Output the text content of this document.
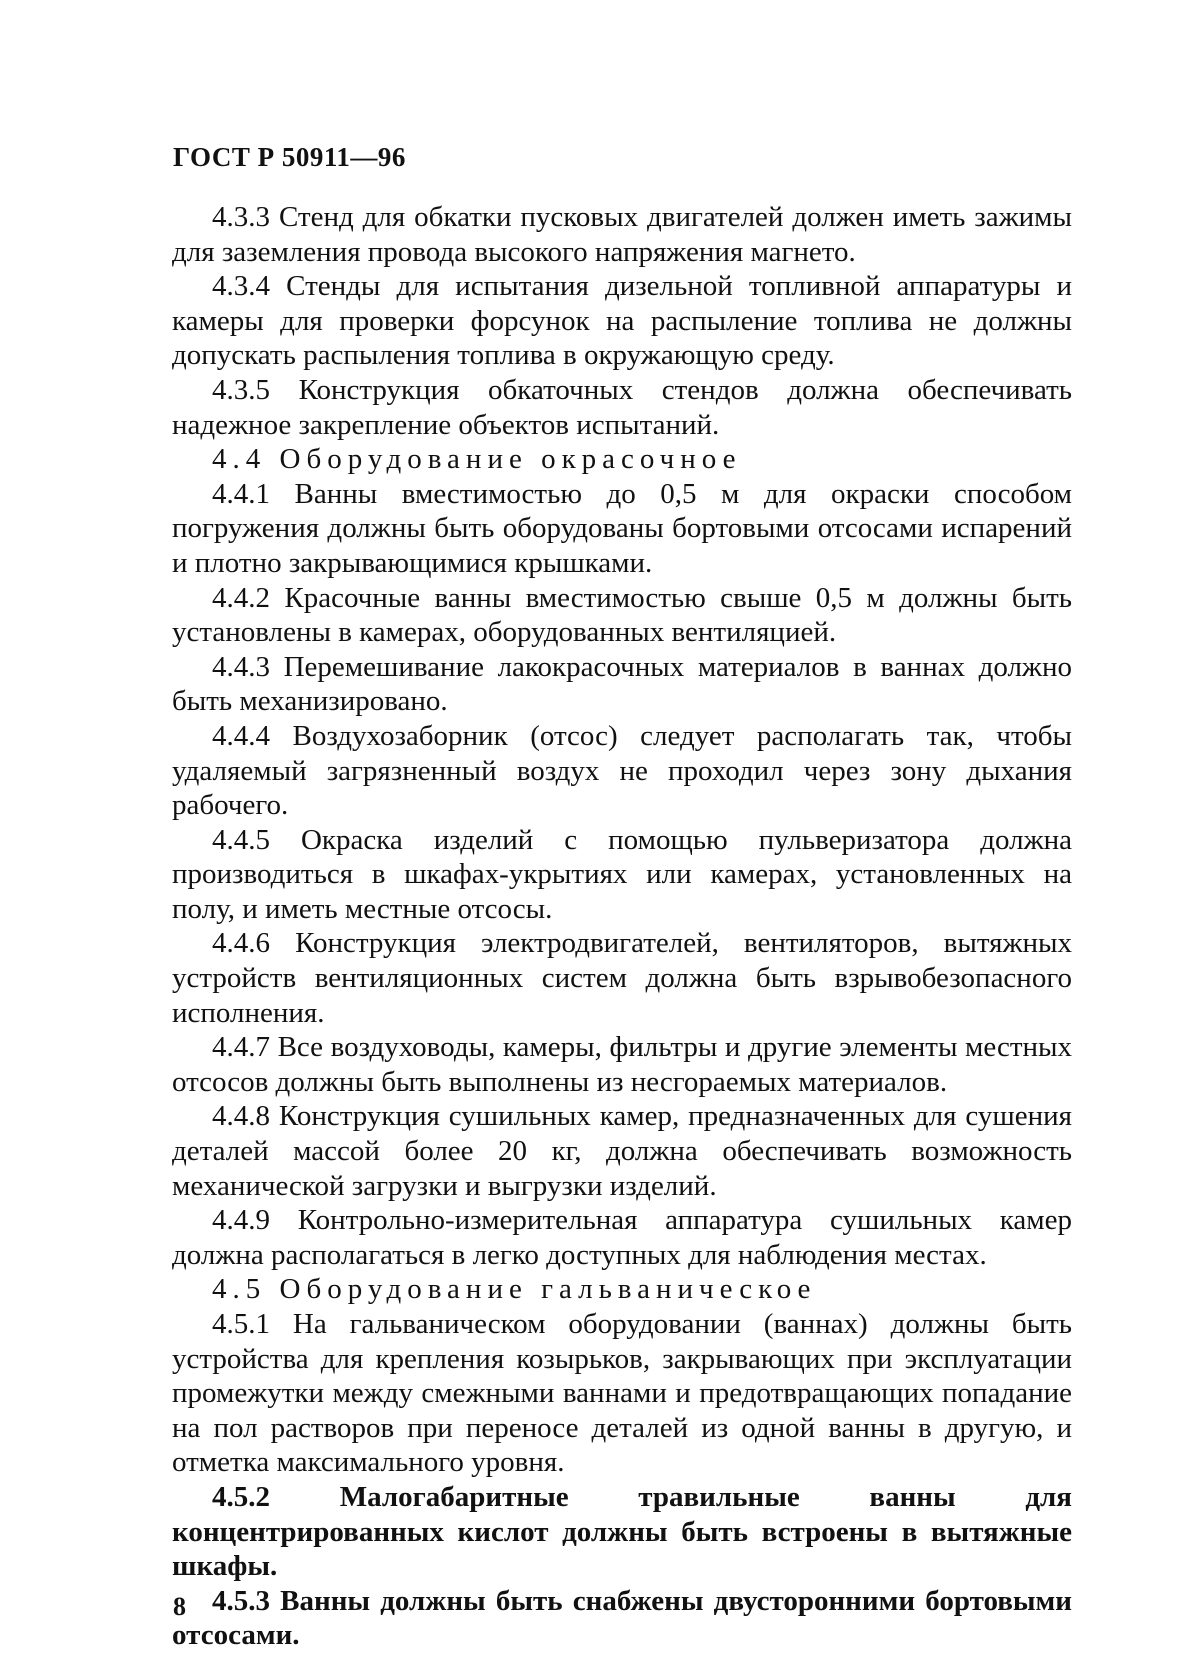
ГОСТ Р 50911—96

4.3.3 Стенд для обкатки пусковых двигателей должен иметь зажимы для заземления провода высокого напряжения магнето.

4.3.4 Стенды для испытания дизельной топливной аппаратуры и камеры для проверки форсунок на распыление топлива не должны допускать распыления топлива в окружающую среду.

4.3.5 Конструкция обкаточных стендов должна обеспечивать надежное закрепление объектов испытаний.

4.4 Оборудование окрасочное

4.4.1 Ванны вместимостью до 0,5 м для окраски способом погружения должны быть оборудованы бортовыми отсосами испарений и плотно закрывающимися крышками.

4.4.2 Красочные ванны вместимостью свыше 0,5 м должны быть установлены в камерах, оборудованных вентиляцией.

4.4.3 Перемешивание лакокрасочных материалов в ваннах должно быть механизировано.

4.4.4 Воздухозаборник (отсос) следует располагать так, чтобы удаляемый загрязненный воздух не проходил через зону дыхания рабочего.

4.4.5 Окраска изделий с помощью пульверизатора должна производиться в шкафах-укрытиях или камерах, установленных на полу, и иметь местные отсосы.

4.4.6 Конструкция электродвигателей, вентиляторов, вытяжных устройств вентиляционных систем должна быть взрывобезопасного исполнения.

4.4.7 Все воздуховоды, камеры, фильтры и другие элементы местных отсосов должны быть выполнены из несгораемых материалов.

4.4.8 Конструкция сушильных камер, предназначенных для сушения деталей массой более 20 кг, должна обеспечивать возможность механической загрузки и выгрузки изделий.

4.4.9 Контрольно-измерительная аппаратура сушильных камер должна располагаться в легко доступных для наблюдения местах.

4.5 Оборудование гальваническое

4.5.1 На гальваническом оборудовании (ваннах) должны быть устройства для крепления козырьков, закрывающих при эксплуатации промежутки между смежными ваннами и предотвращающих попадание на пол растворов при переносе деталей из одной ванны в другую, и отметка максимального уровня.

4.5.2 Малогабаритные травильные ванны для концентрированных кислот должны быть встроены в вытяжные шкафы.

4.5.3 Ванны должны быть снабжены двусторонними бортовыми отсосами.

8
